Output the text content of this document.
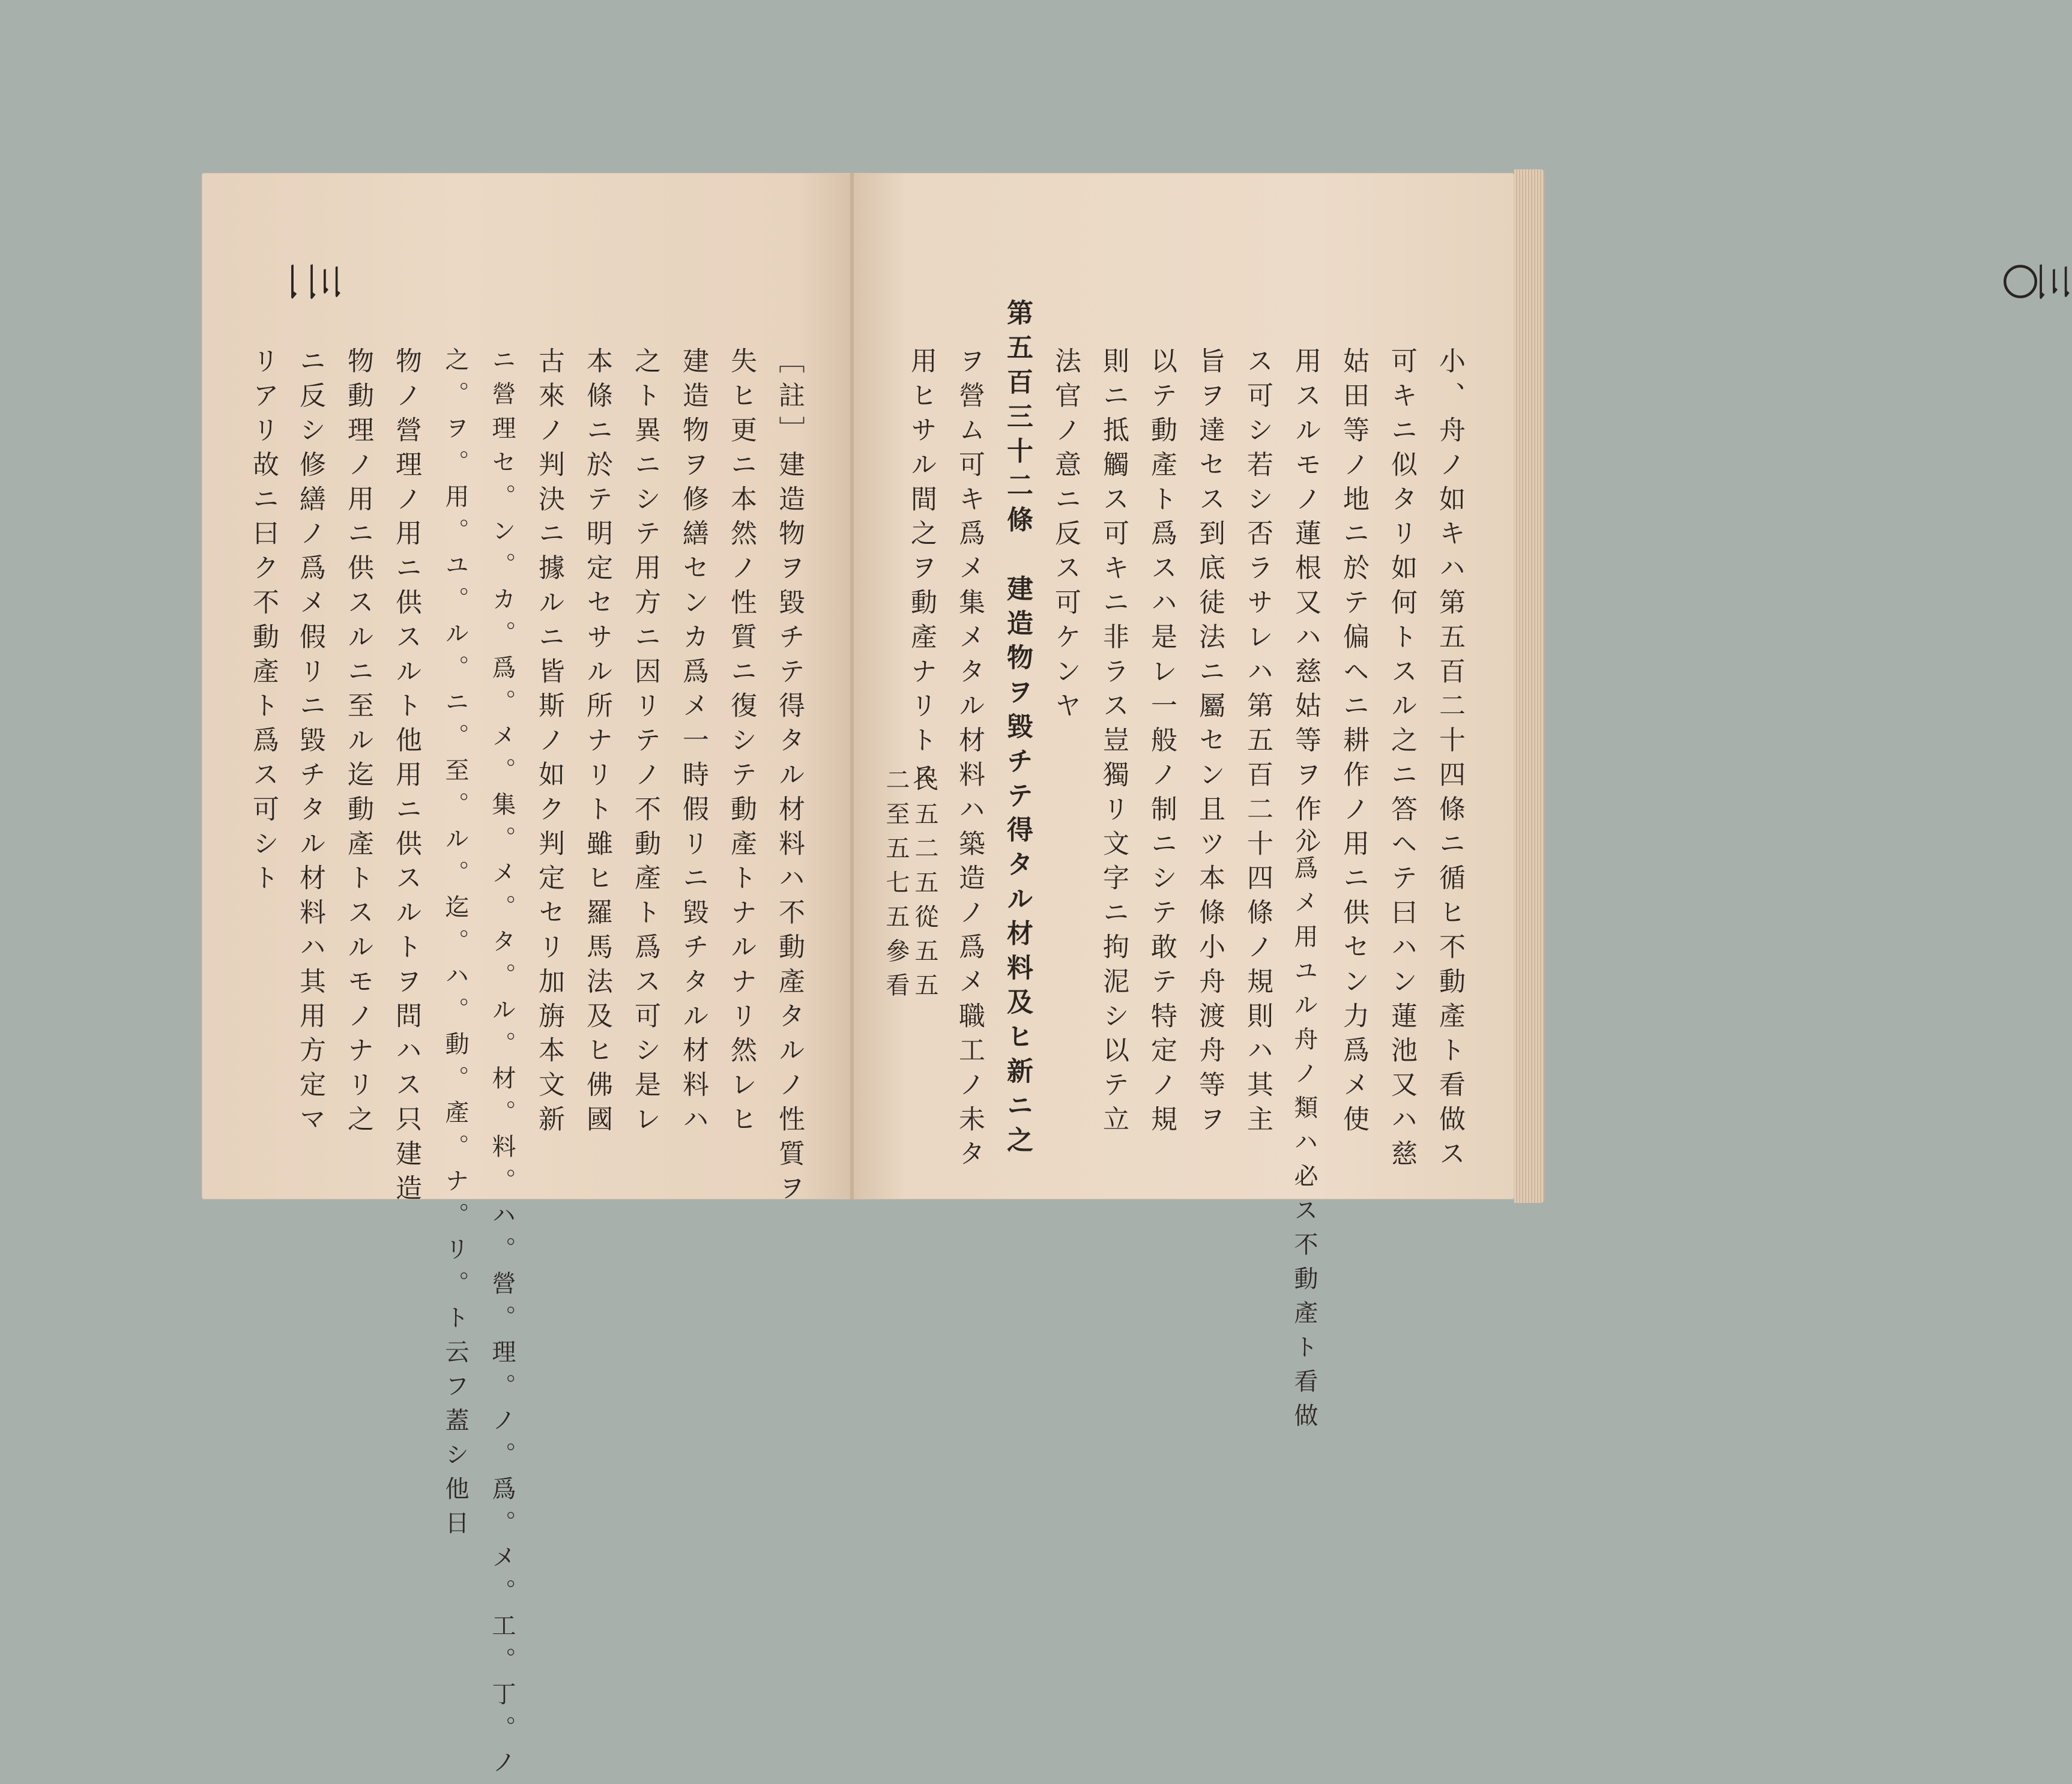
三一
［註］建造物ヲ毀チテ得タル材料ハ不動產タルノ性質ヲ
失ヒ更ニ本然ノ性質ニ復シテ動產トナルナリ然レヒ
建造物ヲ修繕センカ爲メ一時假リニ毀チタル材料ハ
之ト異ニシテ用方ニ因リテノ不動產ト爲ス可シ是レ
本條ニ於テ明定セサル所ナリト雖ヒ羅馬法及ヒ佛國
古來ノ判決ニ據ルニ皆斯ノ如ク判定セリ加旃本文新
ニ營理セ。ン。カ。爲。メ。集。メ。タ。ル。材。料。ハ。營。理。ノ。爲。メ。工。丁。ノ
之。ヲ。用。ユ。ル。ニ。至。ル。迄。ハ。動。產。ナ。リ。ト云フ蓋シ他日
物ノ營理ノ用ニ供スルト他用ニ供スルトヲ問ハス只建造
物動理ノ用ニ供スルニ至ル迄動產トスルモノナリ之
ニ反シ修繕ノ爲メ假リニ毀チタル材料ハ其用方定マ
リアリ故ニ曰ク不動產ト爲ス可シト
三〇
小、舟ノ如キハ第五百二十四條ニ循ヒ不動產ト看做ス
可キニ似タリ如何トスル之ニ答ヘテ曰ハン蓮池又ハ慈
姑田等ノ地ニ於テ偏ヘニ耕作ノ用ニ供セン力爲メ使
用スルモノ蓮根又ハ慈姑等ヲ作ル
ハ爲メ用ユル舟ノ類ハ必ス不動產ト看做
ス可シ若シ否ラサレハ第五百二十四條ノ規則ハ其主
旨ヲ達セス到底徒法ニ屬セン且ツ本條小舟渡舟等ヲ
以テ動產ト爲スハ是レ一般ノ制ニシテ敢テ特定ノ規
則ニ抵觸ス可キニ非ラス豈獨リ文字ニ拘泥シ以テ立
法官ノ意ニ反ス可ケンヤ
第五百三十二條　建造物ヲ毀チテ得タル材料及ヒ新ニ之
ヲ營ム可キ爲メ集メタル材料ハ築造ノ爲メ職工ノ未タ
用ヒサル間之ヲ動產ナリトス
民五二五從五五
二至五七五參看
